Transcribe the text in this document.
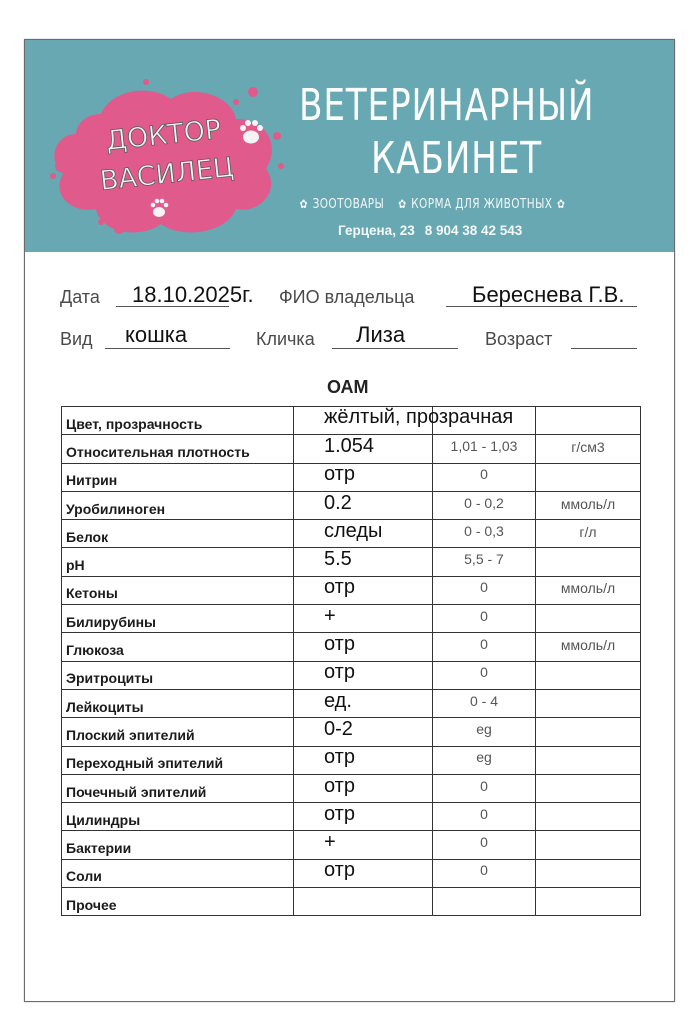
ДОКТОР
ВАСИЛЕЦ
ВЕТЕРИНАРНЫЙ
КАБИНЕТ
✿ ЗООТОВАРЫ ✿ КОРМА ДЛЯ ЖИВОТНЫХ ✿
Герцена, 23 8 904 38 42 543
Дата 18.10.2025г. ФИО владельца	Береснева Г.В.
Вид кошка	Кличка Лиза	Возраст
ОАМ
Цвет, прозрачность	жёлтый, прозрачная		

Относительная плотность	1.054	1,01 - 1,03	г/см3
Нитрин	отр	0	
Уробилиноген	0.2	0 - 0,2	ммоль/л
Белок	следы	0 - 0,3	г/л
pH	5.5	5,5 - 7	
Кетоны	отр	0	ммоль/л
Билирубины	+	0	
Глюкоза	отр	0	ммоль/л
Эритроциты	отр	0	
Лейкоциты	ед.	0 - 4	
Плоский эпителий	0-2	eg	
Переходный эпителий	отр	eg	
Почечный эпителий	отр	0	
Цилиндры	отр	0	
Бактерии	+	0	
Соли	отр	0	
Прочее			
